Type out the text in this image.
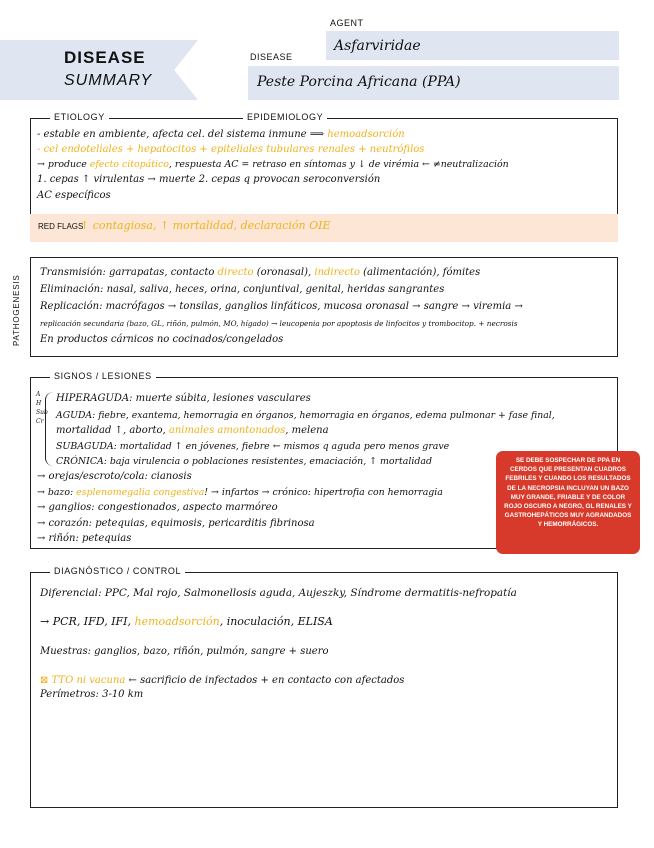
DISEASE
SUMMARY
AGENT
Asfarviridae
DISEASE
Peste Porcina Africana (PPA)
ETIOLOGY	EPIDEMIOLOGY
- estable en ambiente, afecta cel. del sistema inmune ⟹ hemoadsorción
- cel endoteliales + hepatocitos + epiteliales tubulares renales + neutrófilos
→ produce efecto citopático, respuesta AC = retraso en síntomas y ↓ de virémia ← ≠neutralización
1. cepas ↑ virulentas → muerte 2. cepas q provocan seroconversión
AC específicos
RED FLAGS
↑ contagiosa, ↑ mortalidad, declaración OIE
PATHOGENESIS
Transmisión: garrapatas, contacto directo (oronasal), indirecto (alimentación), fómites
Eliminación: nasal, saliva, heces, orina, conjuntival, genital, heridas sangrantes
Replicación: macrófagos → tonsilas, ganglios linfáticos, mucosa oronasal → sangre → viremia →
replicación secundaria (bazo, GL, riñón, pulmón, MO, hígado) → leucopenia por apoptosis de linfocitos y trombocitop. + necrosis
En productos cárnicos no cocinados/congelados
SIGNOS / LESIONES
A
H
Sub
Cr
HIPERAGUDA: muerte súbita, lesiones vasculares
AGUDA: fiebre, exantema, hemorragia en órganos, hemorragia en órganos, edema pulmonar + fase final,
mortalidad ↑, aborto, animales amontonados, melena
SUBAGUDA: mortalidad ↑ en jóvenes, fiebre ← mismos q aguda pero menos grave
CRÓNICA: baja virulencia o poblaciones resistentes, emaciación, ↑ mortalidad
→ orejas/escroto/cola: cianosis
→ bazo: esplenomegalia congestiva! → infartos → crónico: hipertrofia con hemorragia
→ ganglios: congestionados, aspecto marmóreo
→ corazón: petequias, equimosis, pericarditis fibrinosa
→ riñón: petequias
SE DEBE SOSPECHAR DE PPA EN CERDOS QUE PRESENTAN CUADROS FEBRILES Y CUANDO LOS RESULTADOS DE LA NECROPSIA INCLUYAN UN BAZO MUY GRANDE, FRIABLE Y DE COLOR ROJO OSCURO A NEGRO, GL RENALES Y GASTROHEPÁTICOS MUY AGRANDADOS Y HEMORRÁGICOS.
DIAGNÓSTICO / CONTROL
Diferencial: PPC, Mal rojo, Salmonellosis aguda, Aujeszky, Síndrome dermatitis-nefropatía
→ PCR, IFD, IFI, hemoadsorción, inoculación, ELISA
Muestras: ganglios, bazo, riñón, pulmón, sangre + suero
⊠ TTO ni vacuna ← sacrificio de infectados + en contacto con afectados
Perímetros: 3-10 km
